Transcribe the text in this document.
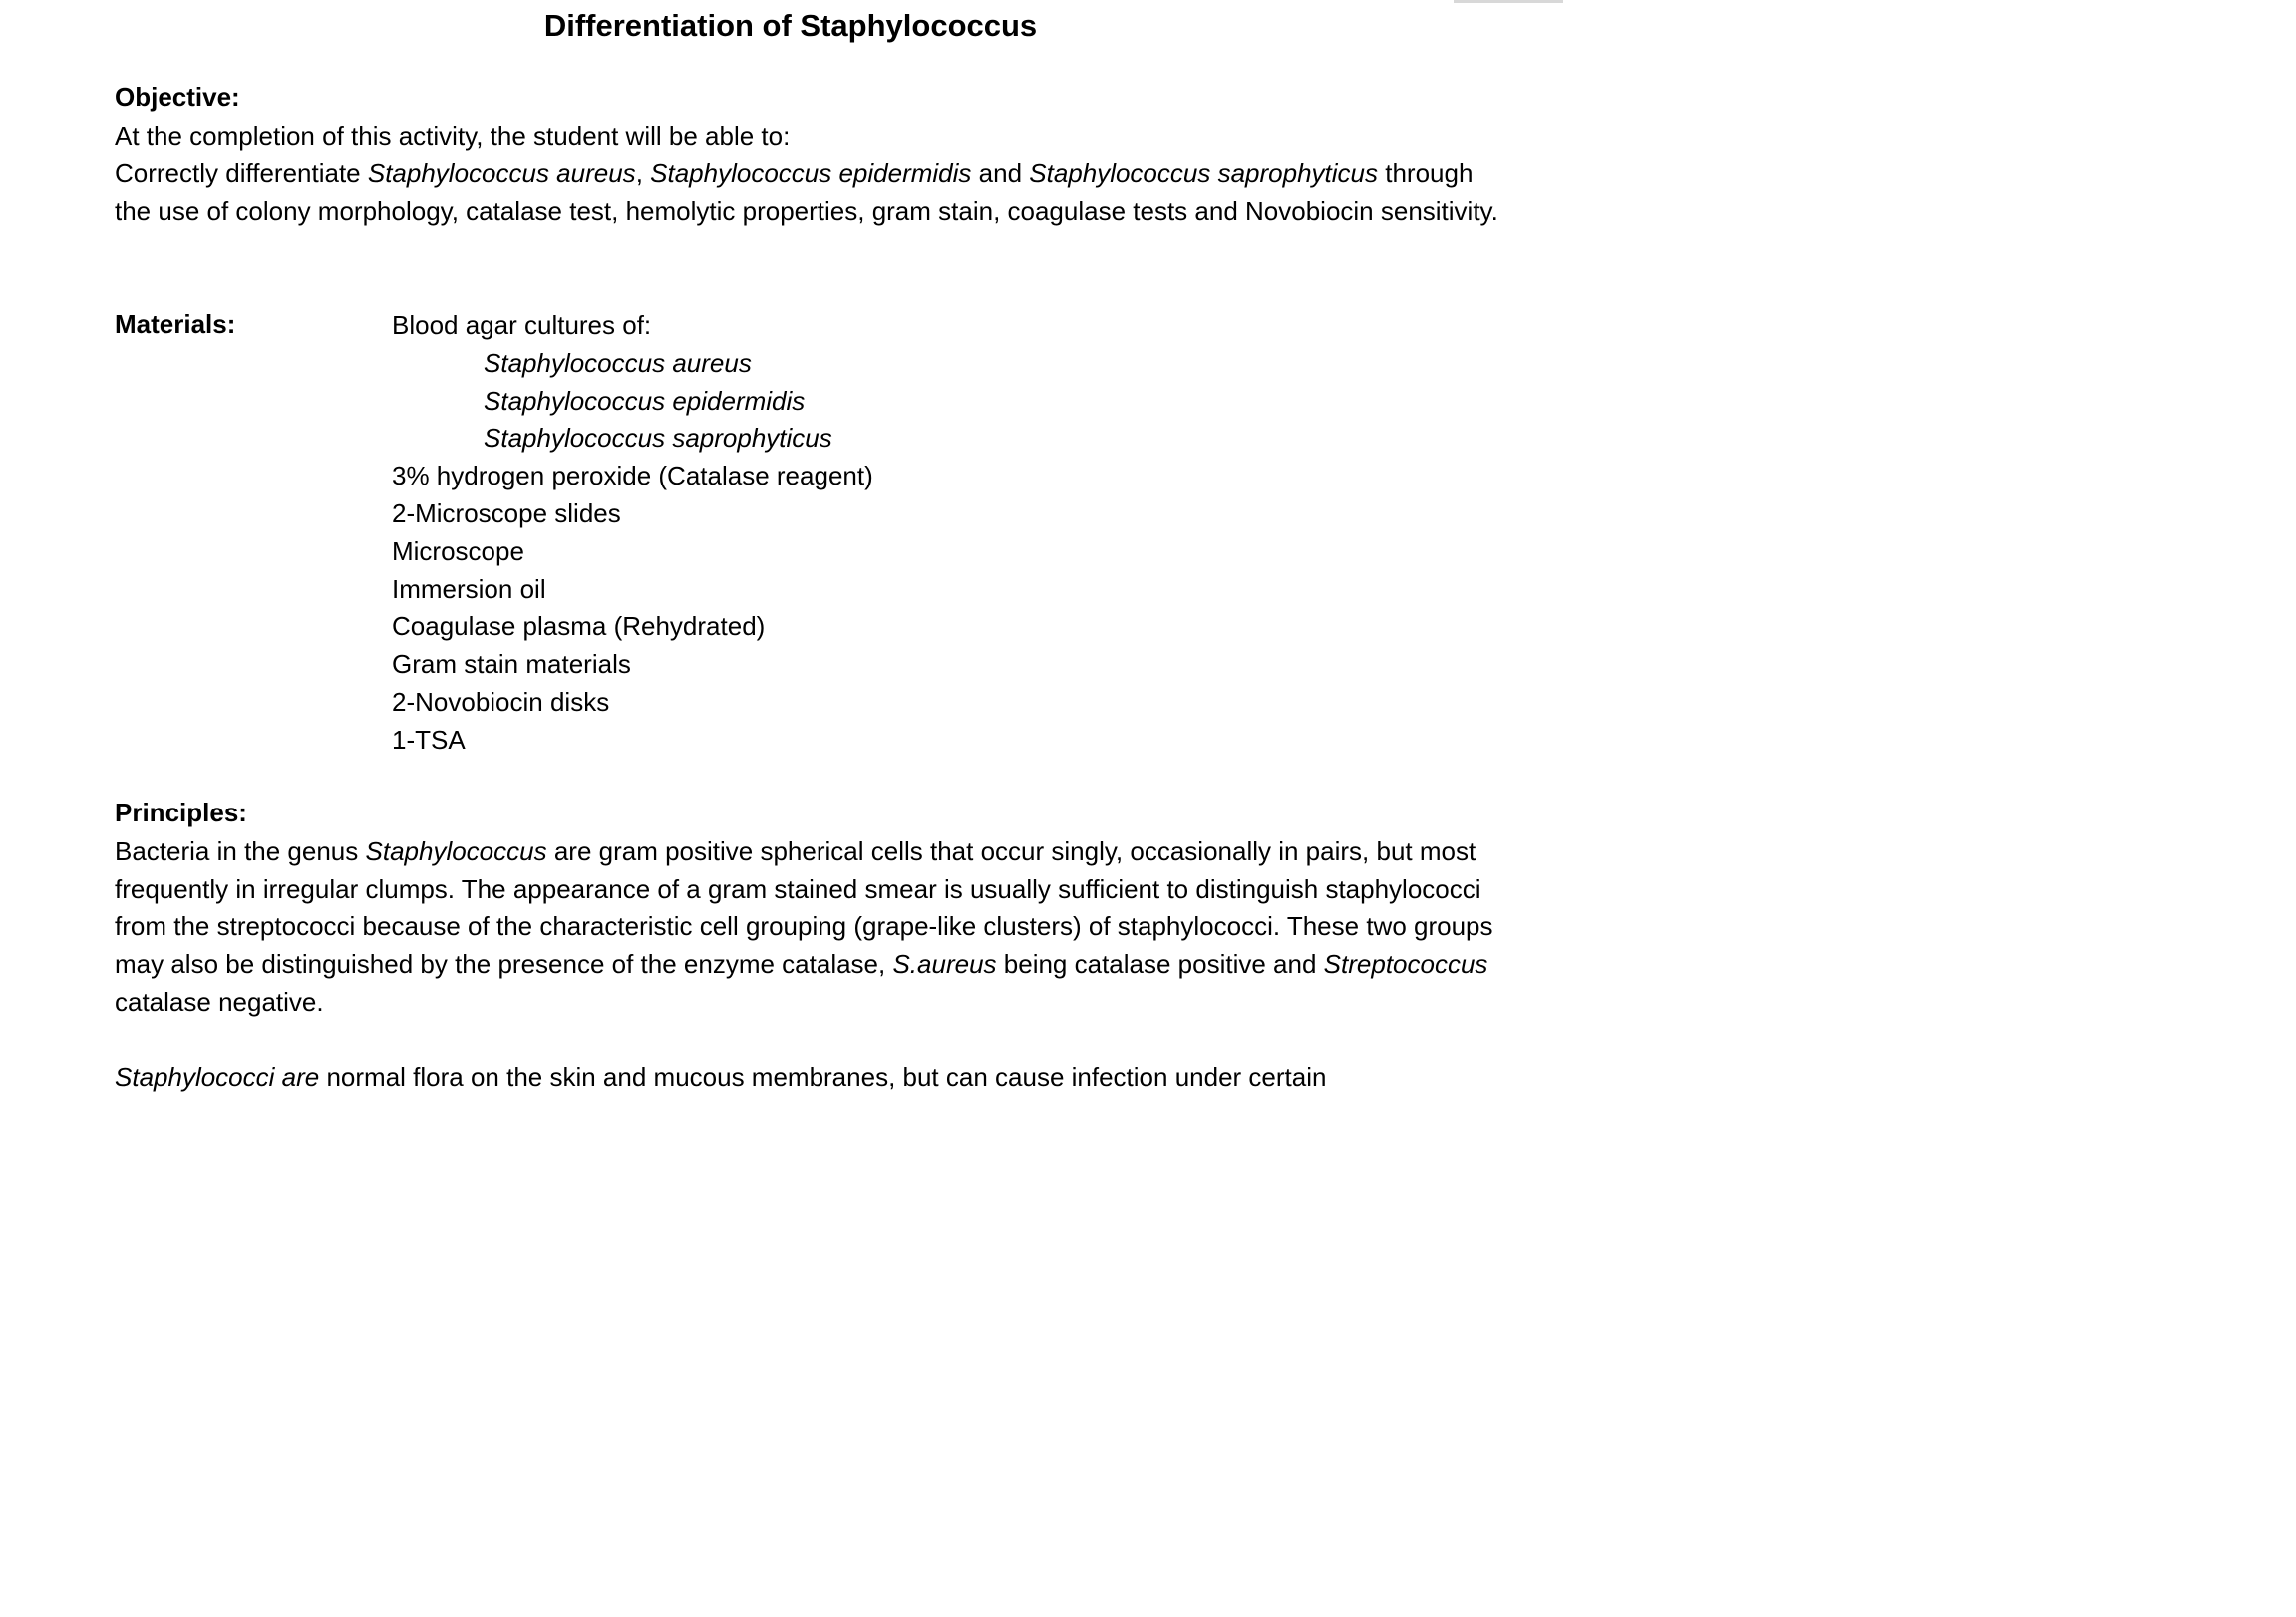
Differentiation of Staphylococcus
Objective:
At the completion of this activity, the student will be able to:

Correctly differentiate Staphylococcus aureus, Staphylococcus epidermidis and Staphylococcus saprophyticus through the use of colony morphology, catalase test, hemolytic properties, gram stain, coagulase tests and Novobiocin sensitivity.

Materials:	Blood agar cultures of:
Staphylococcus aureus
Staphylococcus epidermidis
Staphylococcus saprophyticus
3% hydrogen peroxide (Catalase reagent)
2-Microscope slides
Microscope
Immersion oil
Coagulase plasma (Rehydrated)
Gram stain materials
2-Novobiocin disks
1-TSA
Principles:

Bacteria in the genus Staphylococcus are gram positive spherical cells that occur singly, occasionally in pairs, but most frequently in irregular clumps. The appearance of a gram stained smear is usually sufficient to distinguish staphylococci from the streptococci because of the characteristic cell grouping (grape-like clusters) of staphylococci. These two groups may also be distinguished by the presence of the enzyme catalase, S.aureus being catalase positive and Streptococcus catalase negative.

Staphylococci are normal flora on the skin and mucous membranes, but can cause infection under certain
